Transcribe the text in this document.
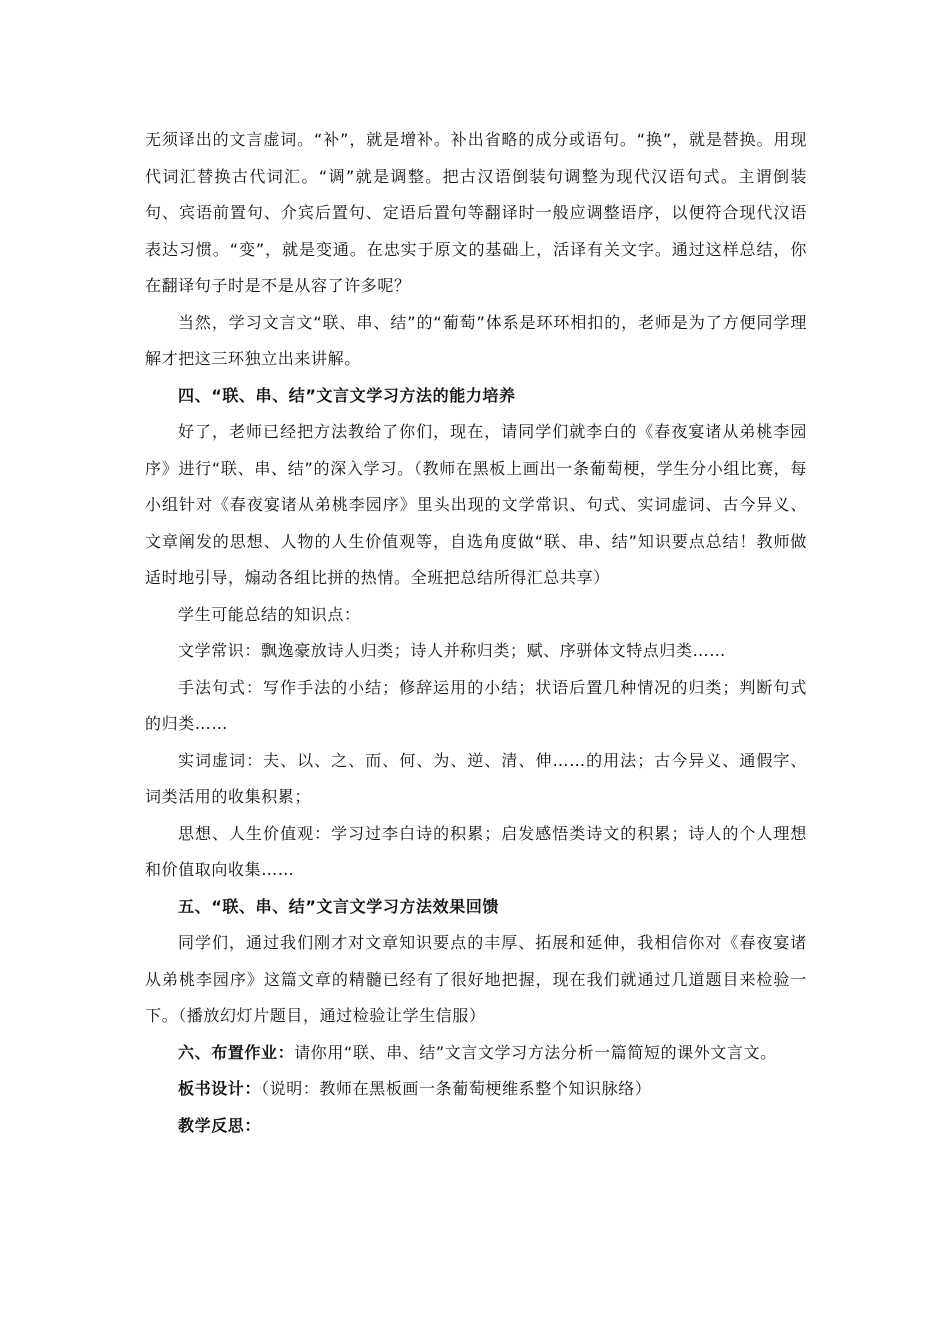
无须译出的文言虚词。“补”，就是增补。补出省略的成分或语句。“换”，就是替换。用现代词汇替换古代词汇。“调”就是调整。把古汉语倒装句调整为现代汉语句式。主谓倒装句、宾语前置句、介宾后置句、定语后置句等翻译时一般应调整语序，以便符合现代汉语表达习惯。“变”，就是变通。在忠实于原文的基础上，活译有关文字。通过这样总结，你在翻译句子时是不是从容了许多呢？

当然，学习文言文“联、串、结”的“葡萄”体系是环环相扣的，老师是为了方便同学理解才把这三环独立出来讲解。

四、“联、串、结”文言文学习方法的能力培养

好了，老师已经把方法教给了你们，现在，请同学们就李白的《春夜宴诸从弟桃李园序》进行“联、串、结”的深入学习。（教师在黑板上画出一条葡萄梗，学生分小组比赛，每小组针对《春夜宴诸从弟桃李园序》里头出现的文学常识、句式、实词虚词、古今异义、文章阐发的思想、人物的人生价值观等，自选角度做“联、串、结”知识要点总结！教师做适时地引导，煽动各组比拼的热情。全班把总结所得汇总共享）

学生可能总结的知识点：

文学常识：飘逸豪放诗人归类；诗人并称归类；赋、序骈体文特点归类……

手法句式：写作手法的小结；修辞运用的小结；状语后置几种情况的归类；判断句式的归类……

实词虚词：夫、以、之、而、何、为、逆、清、伸……的用法；古今异义、通假字、词类活用的收集积累；

思想、人生价值观：学习过李白诗的积累；启发感悟类诗文的积累；诗人的个人理想和价值取向收集……

五、“联、串、结”文言文学习方法效果回馈

同学们，通过我们刚才对文章知识要点的丰厚、拓展和延伸，我相信你对《春夜宴诸从弟桃李园序》这篇文章的精髓已经有了很好地把握，现在我们就通过几道题目来检验一下。（播放幻灯片题目，通过检验让学生信服）

六、布置作业：请你用“联、串、结”文言文学习方法分析一篇简短的课外文言文。

板书设计：（说明：教师在黑板画一条葡萄梗维系整个知识脉络）

教学反思：
